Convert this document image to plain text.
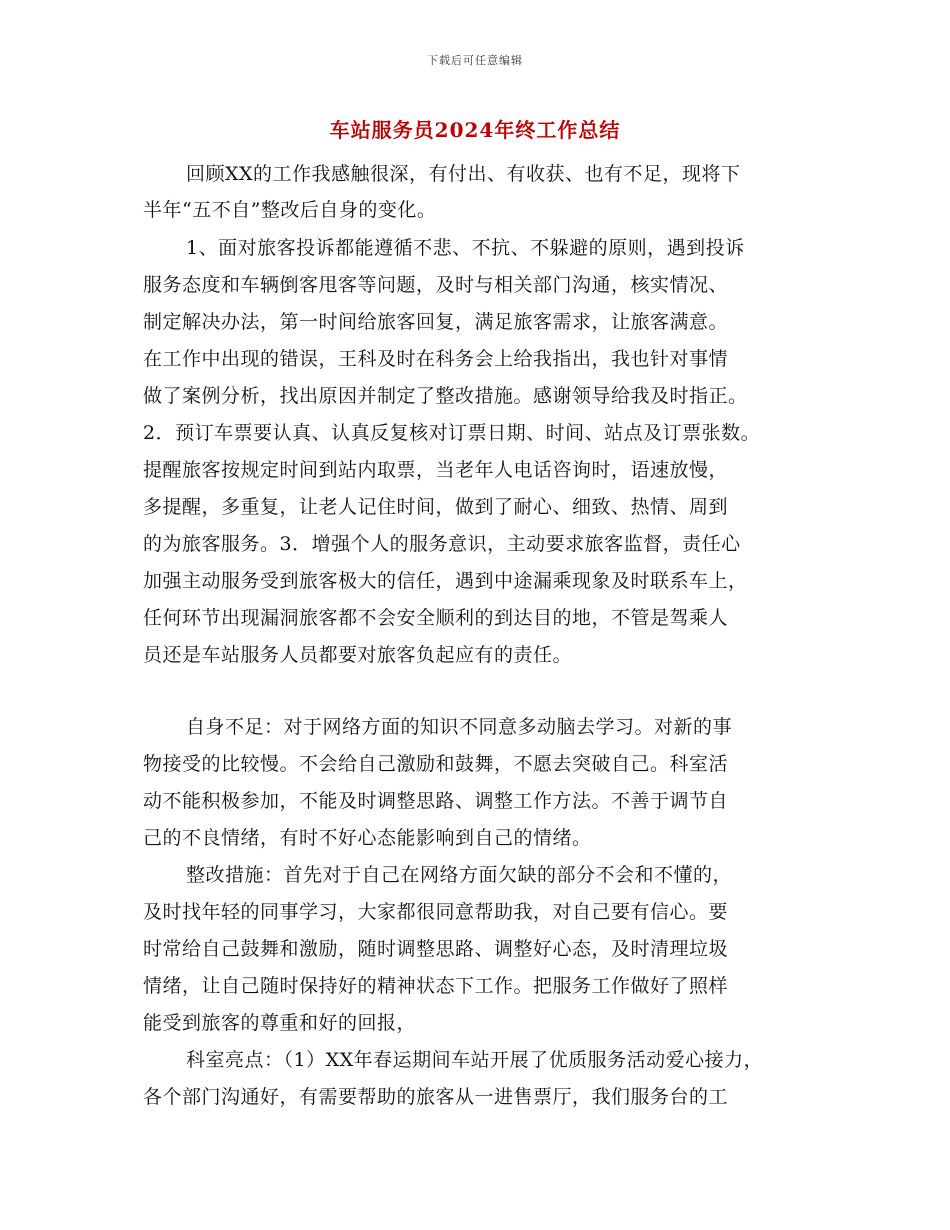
下载后可任意编辑
车站服务员2024年终工作总结
回顾XX的工作我感触很深，有付出、有收获、也有不足，现将下
半年“五不自”整改后自身的变化。
1、面对旅客投诉都能遵循不悲、不抗、不躲避的原则，遇到投诉
服务态度和车辆倒客甩客等问题，及时与相关部门沟通，核实情况、
制定解决办法，第一时间给旅客回复，满足旅客需求，让旅客满意。
在工作中出现的错误，王科及时在科务会上给我指出，我也针对事情
做了案例分析，找出原因并制定了整改措施。感谢领导给我及时指正。
2．预订车票要认真、认真反复核对订票日期、时间、站点及订票张数。
提醒旅客按规定时间到站内取票，当老年人电话咨询时，语速放慢，
多提醒，多重复，让老人记住时间，做到了耐心、细致、热情、周到
的为旅客服务。3．增强个人的服务意识，主动要求旅客监督，责任心
加强主动服务受到旅客极大的信任，遇到中途漏乘现象及时联系车上，
任何环节出现漏洞旅客都不会安全顺利的到达目的地，不管是驾乘人
员还是车站服务人员都要对旅客负起应有的责任。
自身不足：对于网络方面的知识不同意多动脑去学习。对新的事
物接受的比较慢。不会给自己激励和鼓舞，不愿去突破自己。科室活
动不能积极参加，不能及时调整思路、调整工作方法。不善于调节自
己的不良情绪，有时不好心态能影响到自己的情绪。
整改措施：首先对于自己在网络方面欠缺的部分不会和不懂的，
及时找年轻的同事学习，大家都很同意帮助我，对自己要有信心。要
时常给自己鼓舞和激励，随时调整思路、调整好心态，及时清理垃圾
情绪，让自己随时保持好的精神状态下工作。把服务工作做好了照样
能受到旅客的尊重和好的回报，
科室亮点：（1）XX年春运期间车站开展了优质服务活动爱心接力，
各个部门沟通好，有需要帮助的旅客从一进售票厅，我们服务台的工
